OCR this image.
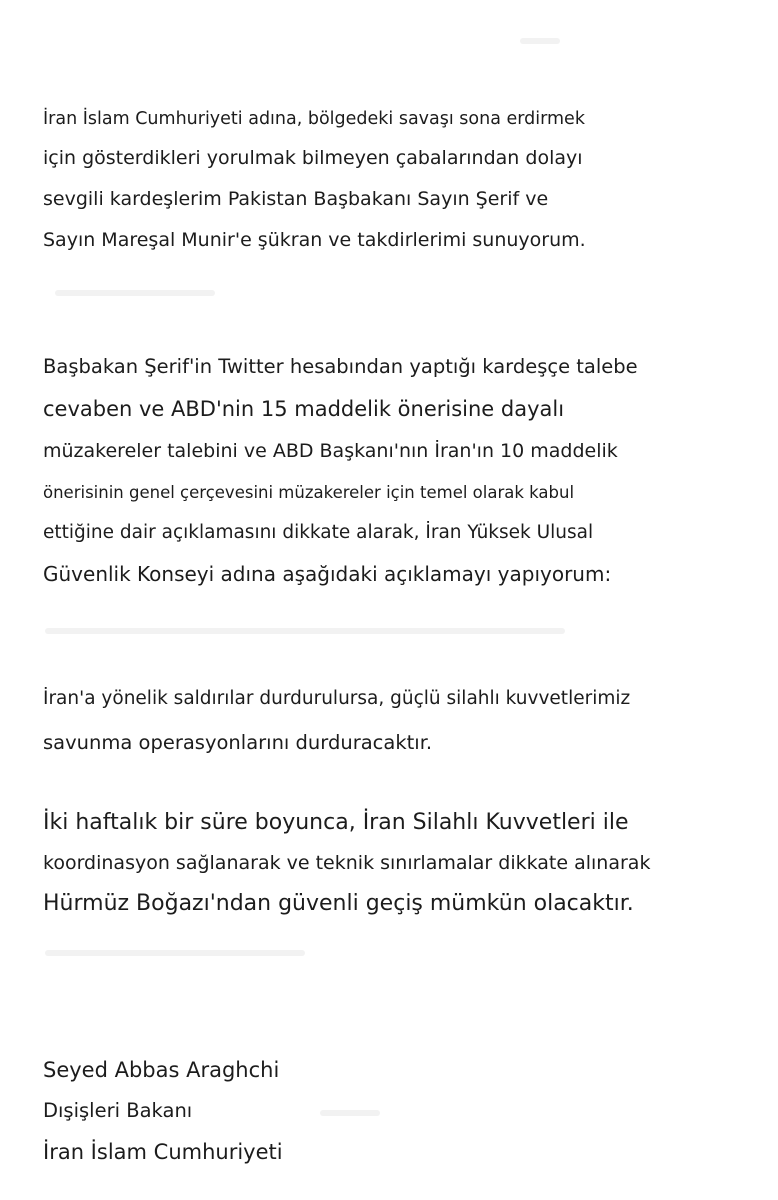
İran İslam Cumhuriyeti adına, bölgedeki savaşı sona erdirmek
için gösterdikleri yorulmak bilmeyen çabalarından dolayı
sevgili kardeşlerim Pakistan Başbakanı Sayın Şerif ve
Sayın Mareşal Munir'e şükran ve takdirlerimi sunuyorum.
Başbakan Şerif'in Twitter hesabından yaptığı kardeşçe talebe
cevaben ve ABD'nin 15 maddelik önerisine dayalı
müzakereler talebini ve ABD Başkanı'nın İran'ın 10 maddelik
önerisinin genel çerçevesini müzakereler için temel olarak kabul
ettiğine dair açıklamasını dikkate alarak, İran Yüksek Ulusal
Güvenlik Konseyi adına aşağıdaki açıklamayı yapıyorum:
İran'a yönelik saldırılar durdurulursa, güçlü silahlı kuvvetlerimiz
savunma operasyonlarını durduracaktır.
İki haftalık bir süre boyunca, İran Silahlı Kuvvetleri ile
koordinasyon sağlanarak ve teknik sınırlamalar dikkate alınarak
Hürmüz Boğazı'ndan güvenli geçiş mümkün olacaktır.
Seyed Abbas Araghchi
Dışişleri Bakanı
İran İslam Cumhuriyeti
